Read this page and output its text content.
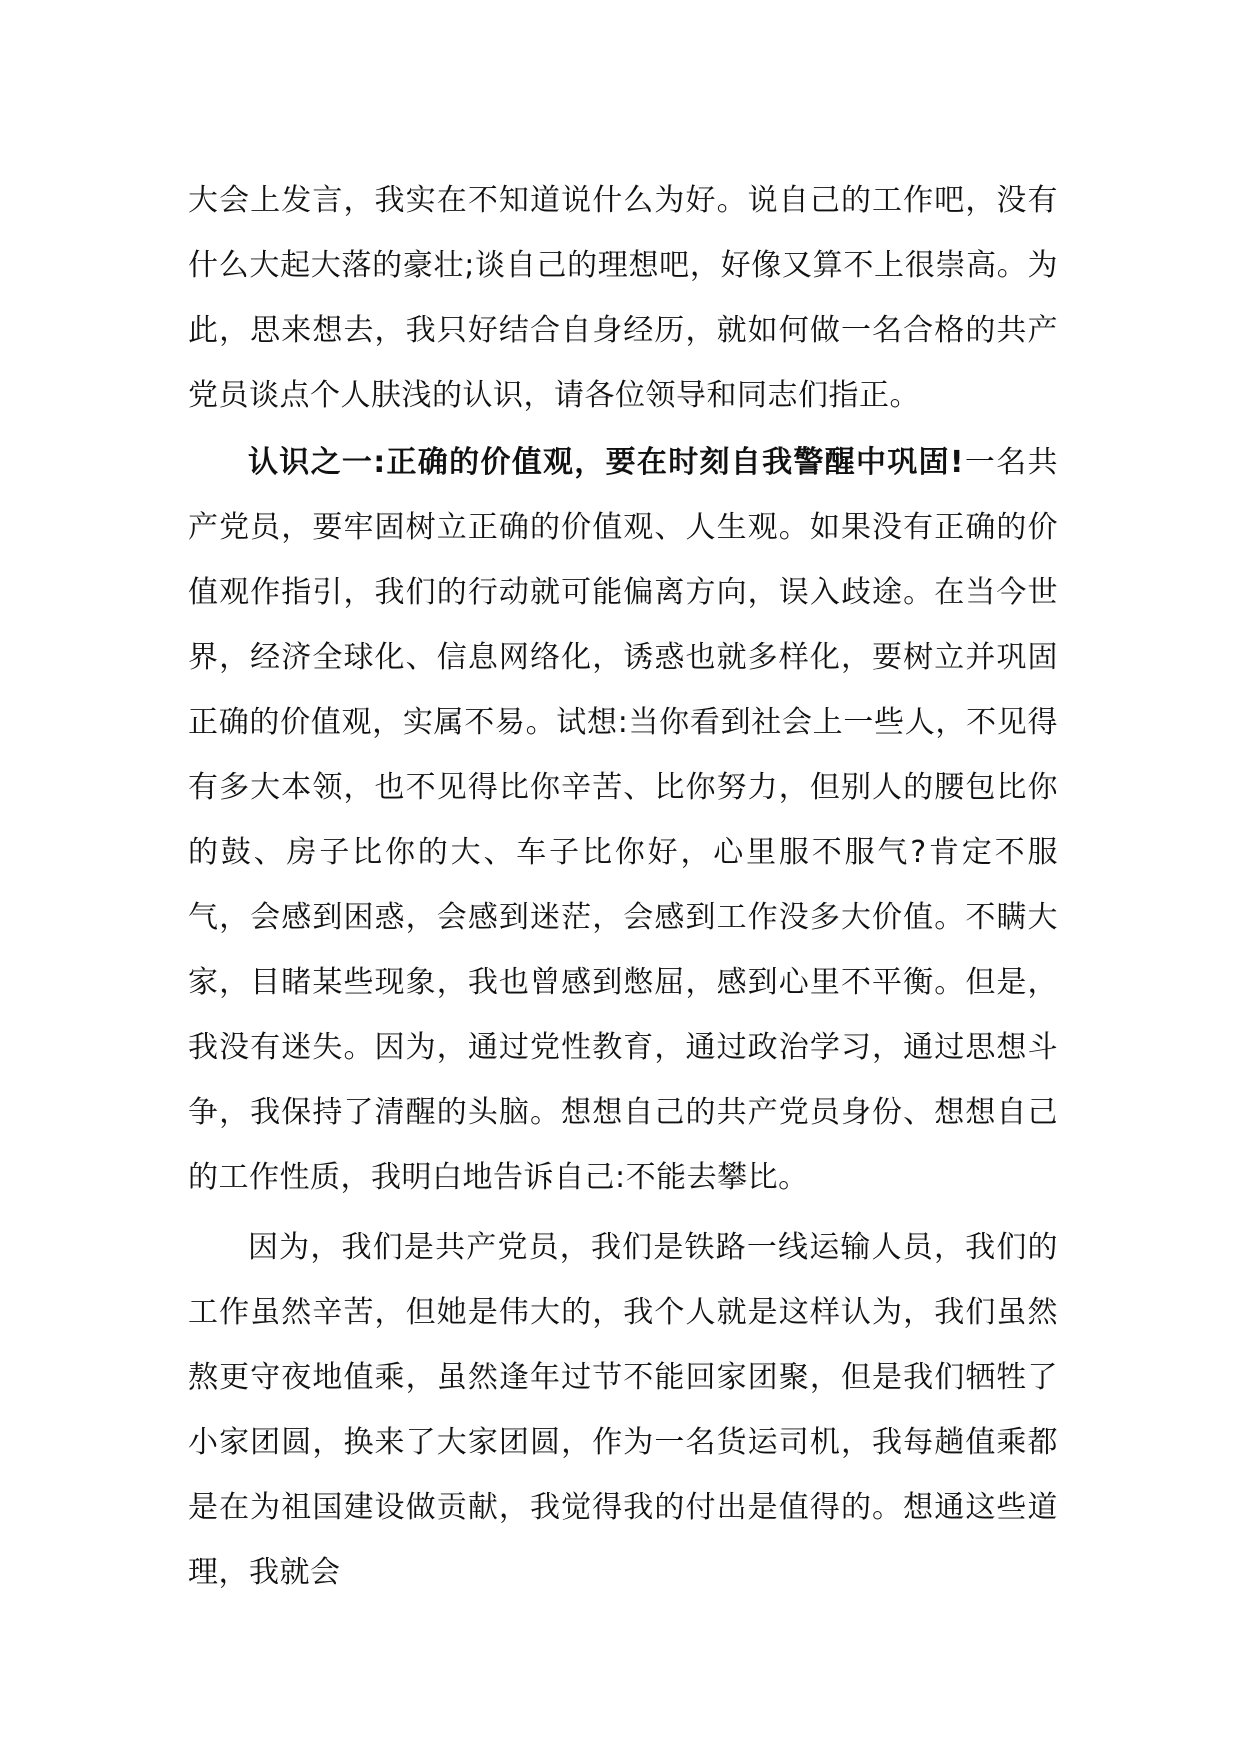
大会上发言，我实在不知道说什么为好。说自己的工作吧，没有什么大起大落的豪壮;谈自己的理想吧，好像又算不上很崇高。为此，思来想去，我只好结合自身经历，就如何做一名合格的共产党员谈点个人肤浅的认识，请各位领导和同志们指正。

认识之一:正确的价值观，要在时刻自我警醒中巩固!一名共产党员，要牢固树立正确的价值观、人生观。如果没有正确的价值观作指引，我们的行动就可能偏离方向，误入歧途。在当今世界，经济全球化、信息网络化，诱惑也就多样化，要树立并巩固正确的价值观，实属不易。试想:当你看到社会上一些人，不见得有多大本领，也不见得比你辛苦、比你努力，但别人的腰包比你的鼓、房子比你的大、车子比你好，心里服不服气?肯定不服气，会感到困惑，会感到迷茫，会感到工作没多大价值。不瞒大家，目睹某些现象，我也曾感到憋屈，感到心里不平衡。但是，我没有迷失。因为，通过党性教育，通过政治学习，通过思想斗争，我保持了清醒的头脑。想想自己的共产党员身份、想想自己的工作性质，我明白地告诉自己:不能去攀比。

因为，我们是共产党员，我们是铁路一线运输人员，我们的工作虽然辛苦，但她是伟大的，我个人就是这样认为，我们虽然熬更守夜地值乘，虽然逢年过节不能回家团聚，但是我们牺牲了小家团圆，换来了大家团圆，作为一名货运司机，我每趟值乘都是在为祖国建设做贡献，我觉得我的付出是值得的。想通这些道理，我就会
